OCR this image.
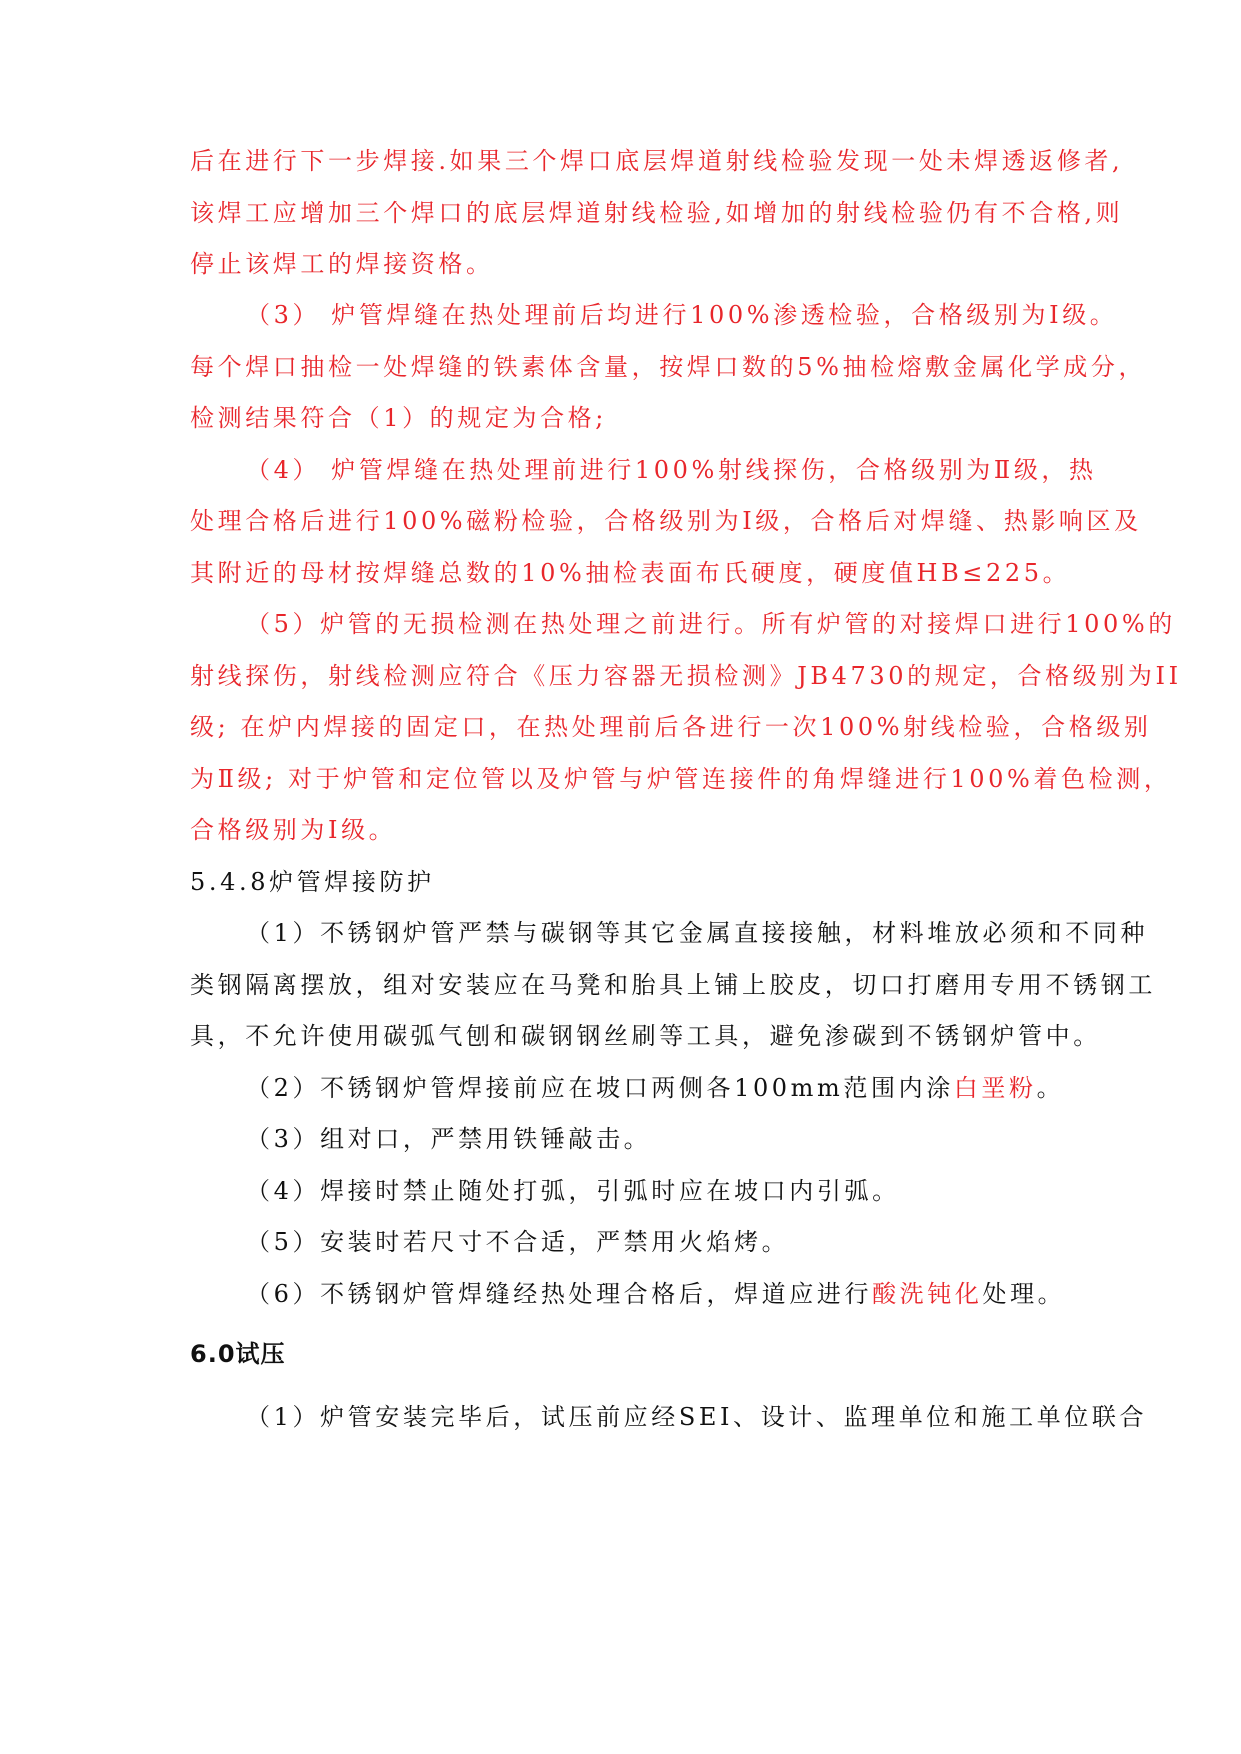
后在进行下一步焊接.如果三个焊口底层焊道射线检验发现一处未焊透返修者,
该焊工应增加三个焊口的底层焊道射线检验,如增加的射线检验仍有不合格,则
停止该焊工的焊接资格。
（3） 炉管焊缝在热处理前后均进行100%渗透检验，合格级别为Ⅰ级。
每个焊口抽检一处焊缝的铁素体含量，按焊口数的5%抽检熔敷金属化学成分，
检测结果符合（1）的规定为合格;
（4） 炉管焊缝在热处理前进行100%射线探伤，合格级别为Ⅱ级，热
处理合格后进行100%磁粉检验，合格级别为Ⅰ级，合格后对焊缝、热影响区及
其附近的母材按焊缝总数的10%抽检表面布氏硬度，硬度值HB≤225。
（5）炉管的无损检测在热处理之前进行。所有炉管的对接焊口进行100%的
射线探伤，射线检测应符合《压力容器无损检测》JB4730的规定，合格级别为II
级; 在炉内焊接的固定口，在热处理前后各进行一次100%射线检验，合格级别
为Ⅱ级; 对于炉管和定位管以及炉管与炉管连接件的角焊缝进行100%着色检测，
合格级别为Ⅰ级。
5.4.8炉管焊接防护
（1）不锈钢炉管严禁与碳钢等其它金属直接接触，材料堆放必须和不同种
类钢隔离摆放，组对安装应在马凳和胎具上铺上胶皮，切口打磨用专用不锈钢工
具，不允许使用碳弧气刨和碳钢钢丝刷等工具，避免渗碳到不锈钢炉管中。
（2）不锈钢炉管焊接前应在坡口两侧各100mm范围内涂白垩粉。
（3）组对口，严禁用铁锤敲击。
（4）焊接时禁止随处打弧，引弧时应在坡口内引弧。
（5）安装时若尺寸不合适，严禁用火焰烤。
（6）不锈钢炉管焊缝经热处理合格后，焊道应进行酸洗钝化处理。
6.0试压
（1）炉管安装完毕后，试压前应经SEI、设计、监理单位和施工单位联合
